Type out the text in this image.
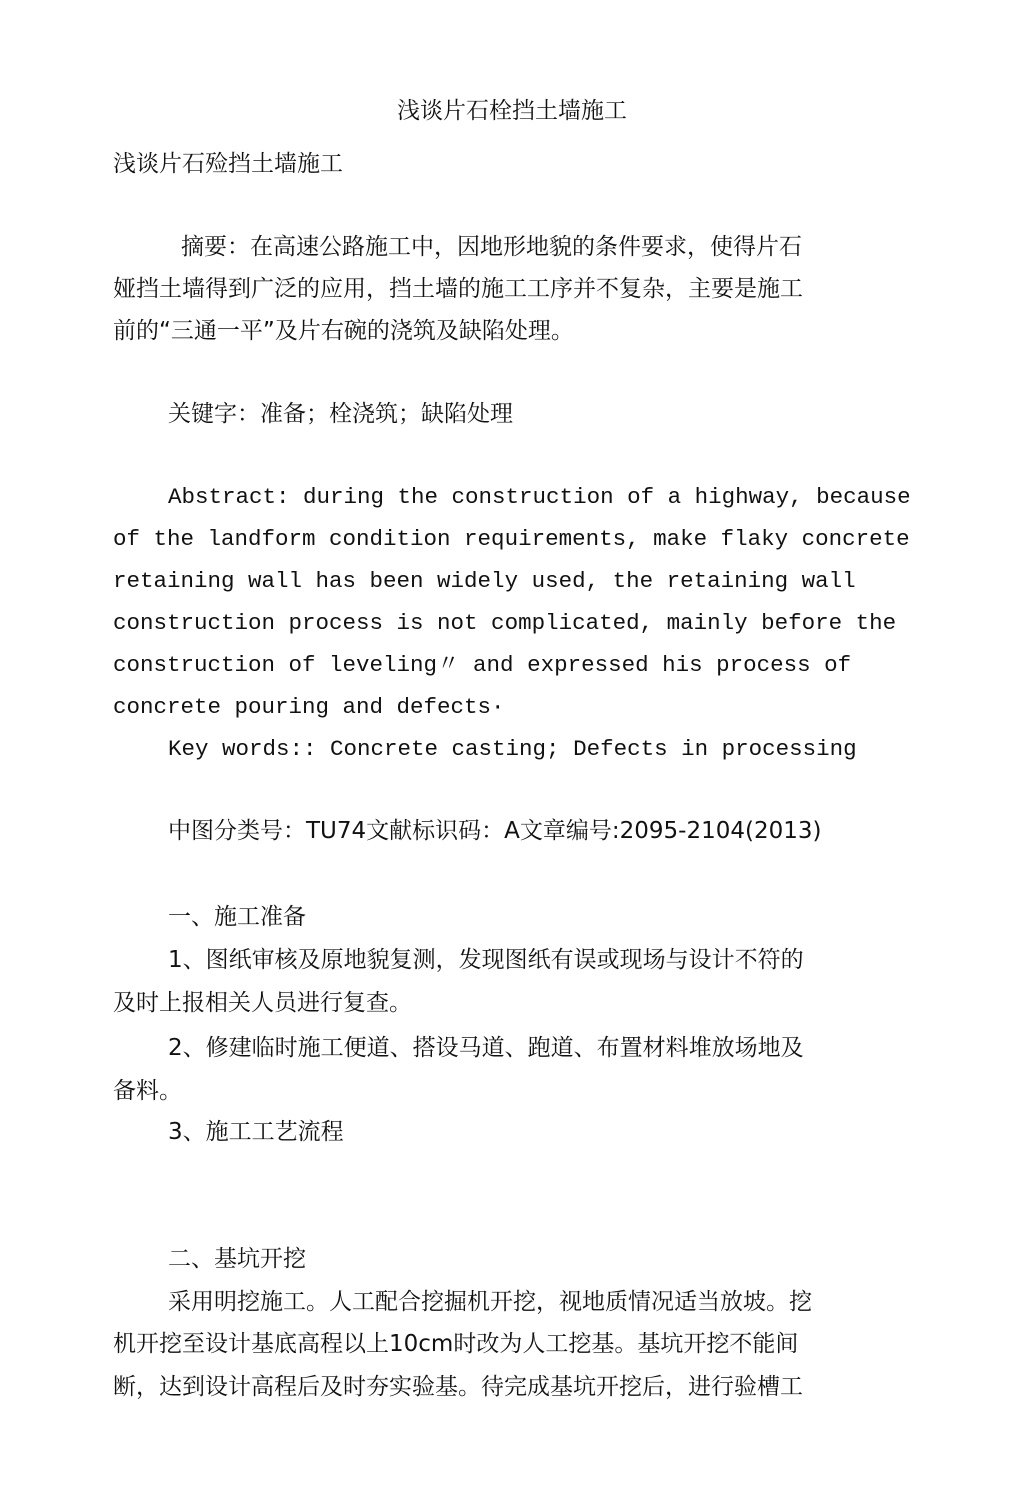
浅谈片石栓挡土墙施工
浅谈片石殓挡土墙施工
摘要：在高速公路施工中，因地形地貌的条件要求，使得片石
娅挡土墙得到广泛的应用，挡土墙的施工工序并不复杂，主要是施工
前的“三通一平”及片右碗的浇筑及缺陷处理。
关键字：准备；栓浇筑；缺陷处理
Abstract: during the construction of a highway, because
of the landform condition requirements, make flaky concrete
retaining wall has been widely used, the retaining wall
construction process is not complicated, mainly before the
construction of leveling〃 and expressed his process of
concrete pouring and defects·
Key words:: Concrete casting; Defects in processing
中图分类号：TU74文献标识码：A文章编号:2095-2104(2013)
一、施工准备
1、图纸审核及原地貌复测，发现图纸有误或现场与设计不符的
及时上报相关人员进行复查。
2、修建临时施工便道、搭设马道、跑道、布置材料堆放场地及
备料。
3、施工工艺流程
二、基坑开挖
采用明挖施工。人工配合挖掘机开挖，视地质情况适当放坡。挖
机开挖至设计基底高程以上10cm时改为人工挖基。基坑开挖不能间
断，达到设计高程后及时夯实验基。待完成基坑开挖后，进行验槽工
